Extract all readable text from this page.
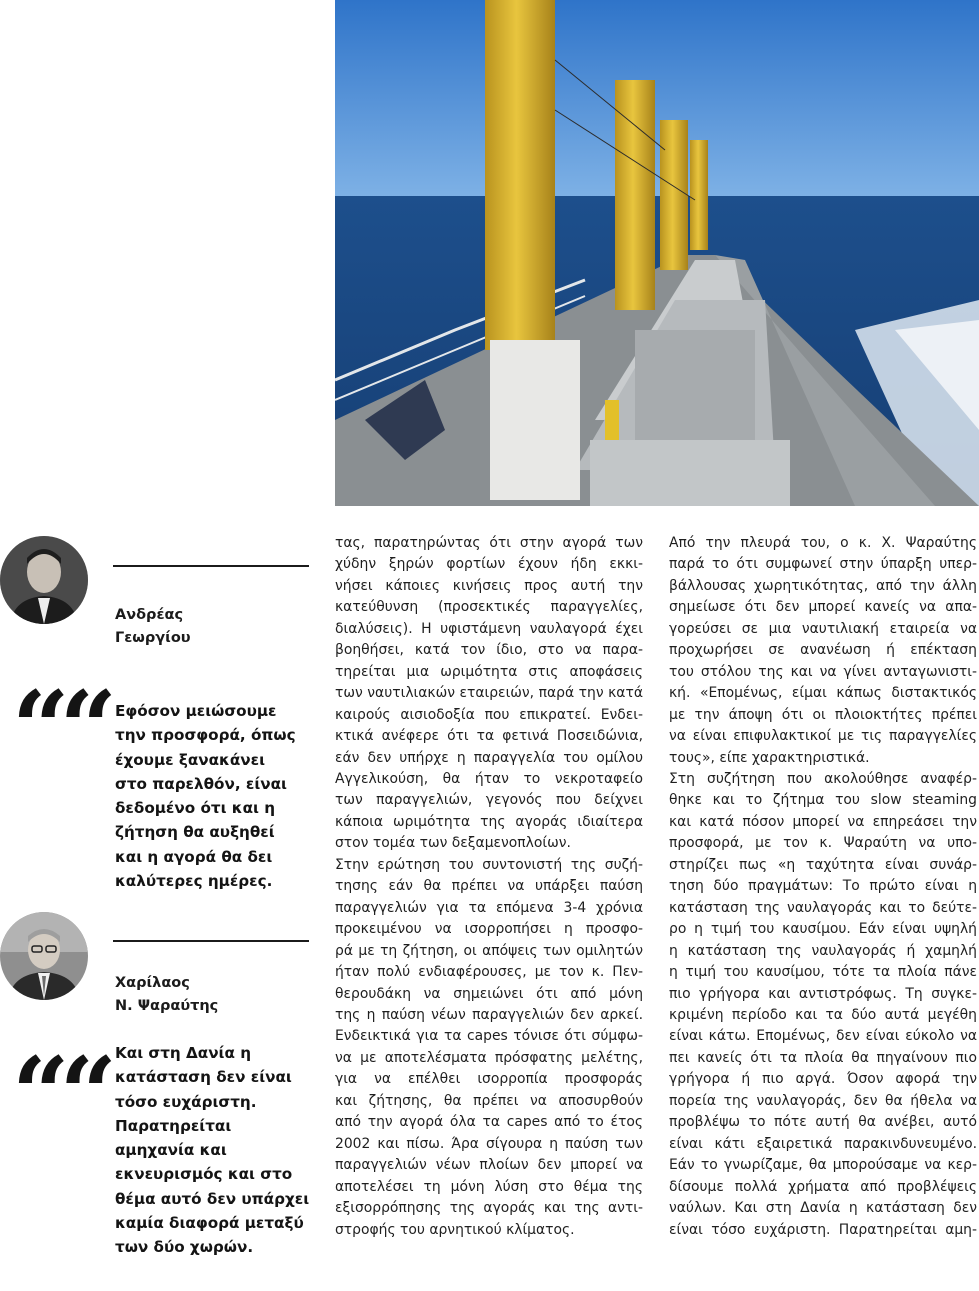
Ανδρέας
Γεωργίου
““ Εφόσον μειώσουμε
την προσφορά, όπως
έχουμε ξανακάνει
στο παρελθόν, είναι
δεδομένο ότι και η
ζήτηση θα αυξηθεί
και η αγορά θα δει
καλύτερες ημέρες.
Χαρίλαος
Ν. Ψαραύτης
““ Και στη Δανία η
κατάσταση δεν είναι
τόσο ευχάριστη.
Παρατηρείται
αμηχανία και
εκνευρισμός και στο
θέμα αυτό δεν υπάρχει
καμία διαφορά μεταξύ
των δύο χωρών.
τας, παρατηρώντας ότι στην αγορά των
χύδην ξηρών φορτίων έχουν ήδη εκκι-
νήσει κάποιες κινήσεις προς αυτή την
κατεύθυνση (προσεκτικές παραγγελίες,
διαλύσεις). Η υφιστάμενη ναυλαγορά έχει
βοηθήσει, κατά τον ίδιο, στο να παρα-
τηρείται μια ωριμότητα στις αποφάσεις
των ναυτιλιακών εταιρειών, παρά την κατά
καιρούς αισιοδοξία που επικρατεί. Ενδει-
κτικά ανέφερε ότι τα φετινά Ποσειδώνια,
εάν δεν υπήρχε η παραγγελία του ομίλου
Αγγελικούση, θα ήταν το νεκροταφείο
των παραγγελιών, γεγονός που δείχνει
κάποια ωριμότητα της αγοράς ιδιαίτερα
στον τομέα των δεξαμενοπλοίων.
Στην ερώτηση του συντονιστή της συζή-
τησης εάν θα πρέπει να υπάρξει παύση
παραγγελιών για τα επόμενα 3-4 χρόνια
προκειμένου να ισορροπήσει η προσφο-
ρά με τη ζήτηση, οι απόψεις των ομιλητών
ήταν πολύ ενδιαφέρουσες, με τον κ. Πεν-
θερουδάκη να σημειώνει ότι από μόνη
της η παύση νέων παραγγελιών δεν αρκεί.
Ενδεικτικά για τα capes τόνισε ότι σύμφω-
να με αποτελέσματα πρόσφατης μελέτης,
για να επέλθει ισορροπία προσφοράς
και ζήτησης, θα πρέπει να αποσυρθούν
από την αγορά όλα τα capes από το έτος
2002 και πίσω. Άρα σίγουρα η παύση των
παραγγελιών νέων πλοίων δεν μπορεί να
αποτελέσει τη μόνη λύση στο θέμα της
εξισορρόπησης της αγοράς και της αντι-
στροφής του αρνητικού κλίματος.
Από την πλευρά του, ο κ. Χ. Ψαραύτης
παρά το ότι συμφωνεί στην ύπαρξη υπερ-
βάλλουσας χωρητικότητας, από την άλλη
σημείωσε ότι δεν μπορεί κανείς να απα-
γορεύσει σε μια ναυτιλιακή εταιρεία να
προχωρήσει σε ανανέωση ή επέκταση
του στόλου της και να γίνει ανταγωνιστι-
κή. «Επομένως, είμαι κάπως διστακτικός
με την άποψη ότι οι πλοιοκτήτες πρέπει
να είναι επιφυλακτικοί με τις παραγγελίες
τους», είπε χαρακτηριστικά.
Στη συζήτηση που ακολούθησε αναφέρ-
θηκε και το ζήτημα του slow steaming
και κατά πόσον μπορεί να επηρεάσει την
προσφορά, με τον κ. Ψαραύτη να υπο-
στηρίζει πως «η ταχύτητα είναι συνάρ-
τηση δύο πραγμάτων: Το πρώτο είναι η
κατάσταση της ναυλαγοράς και το δεύτε-
ρο η τιμή του καυσίμου. Εάν είναι υψηλή
η κατάσταση της ναυλαγοράς ή χαμηλή
η τιμή του καυσίμου, τότε τα πλοία πάνε
πιο γρήγορα και αντιστρόφως. Τη συγκε-
κριμένη περίοδο και τα δύο αυτά μεγέθη
είναι κάτω. Επομένως, δεν είναι εύκολο να
πει κανείς ότι τα πλοία θα πηγαίνουν πιο
γρήγορα ή πιο αργά. Όσον αφορά την
πορεία της ναυλαγοράς, δεν θα ήθελα να
προβλέψω το πότε αυτή θα ανέβει, αυτό
είναι κάτι εξαιρετικά παρακινδυνευμένο.
Εάν το γνωρίζαμε, θα μπορούσαμε να κερ-
δίσουμε πολλά χρήματα από προβλέψεις
ναύλων. Και στη Δανία η κατάσταση δεν
είναι τόσο ευχάριστη. Παρατηρείται αμη-
